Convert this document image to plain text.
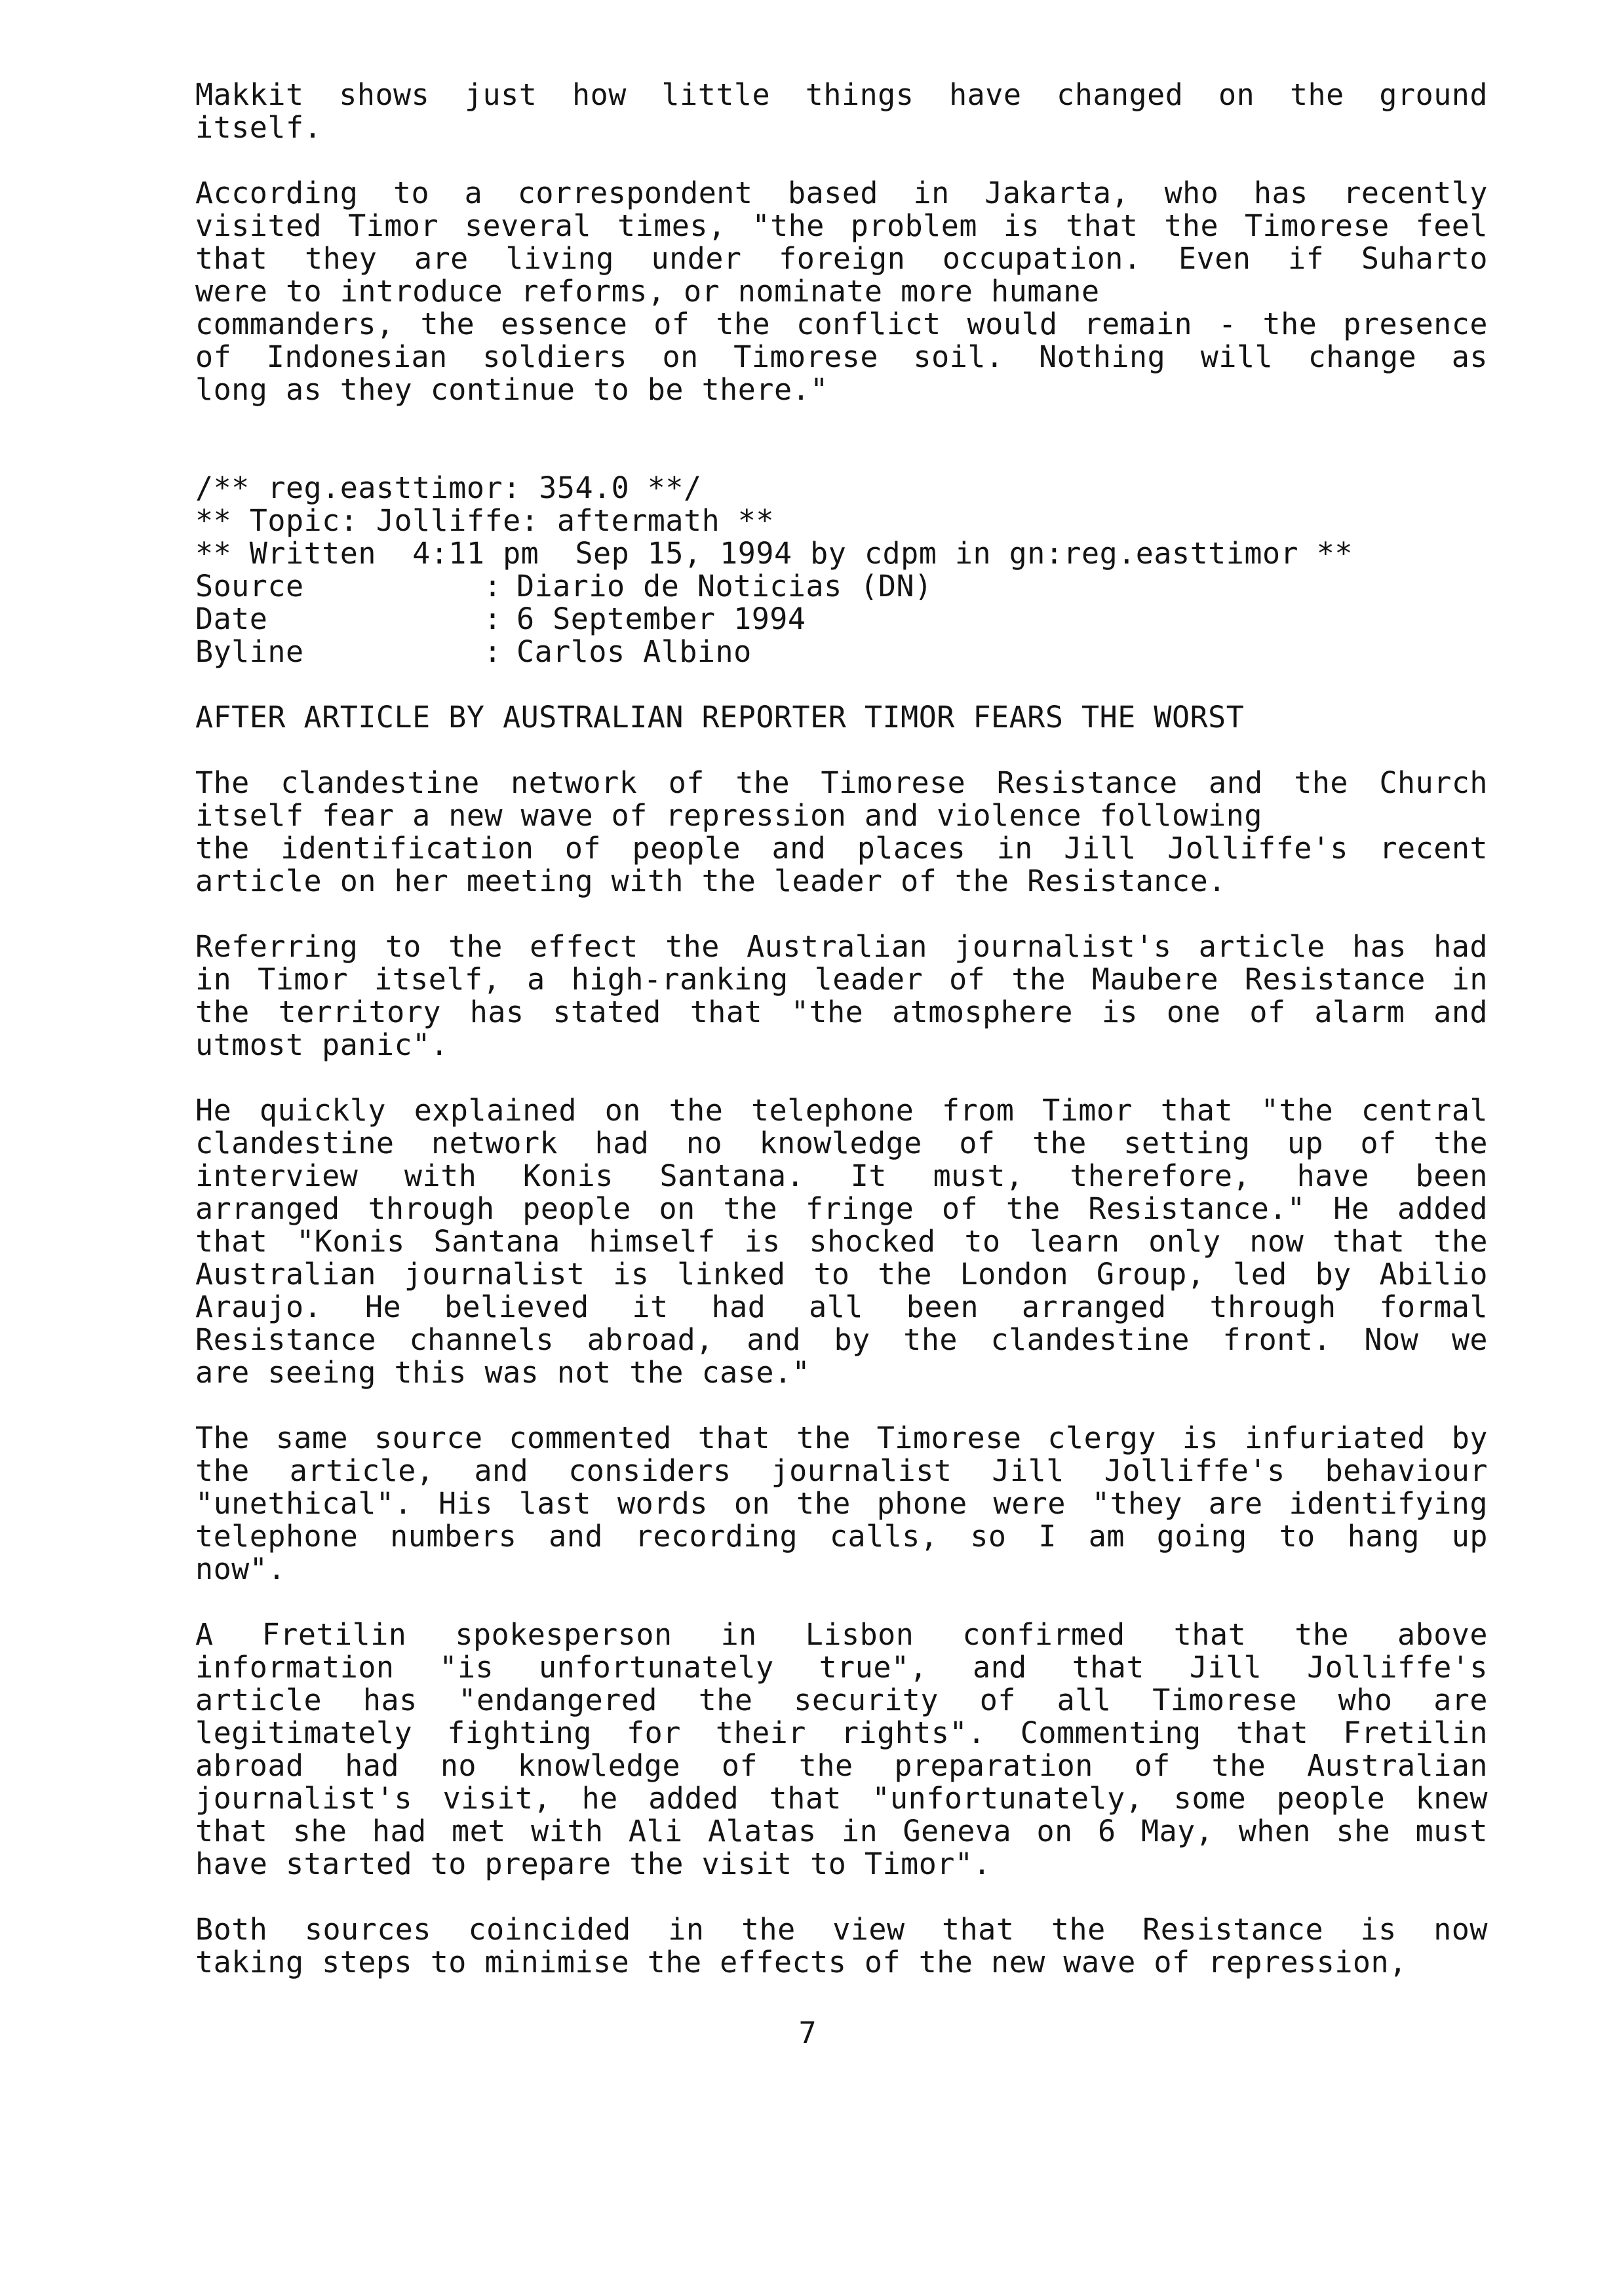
Makkit shows just how little things have changed on the ground
itself.
According to a correspondent based in Jakarta, who has recently
visited Timor several times, "the problem is that the Timorese feel
that they are living under foreign occupation. Even if Suharto
were to introduce reforms, or nominate more humane
commanders, the essence of the conflict would remain - the presence
of Indonesian soldiers on Timorese soil. Nothing will change as
long as they continue to be there."
/** reg.easttimor: 354.0 **/
** Topic: Jolliffe: aftermath **
** Written  4:11 pm  Sep 15, 1994 by cdpm in gn:reg.easttimor **
Source	: Diario de Noticias (DN)
Date	: 6 September 1994
Byline	: Carlos Albino
AFTER ARTICLE BY AUSTRALIAN REPORTER TIMOR FEARS THE WORST
The clandestine network of the Timorese Resistance and the Church
itself fear a new wave of repression and violence following
the identification of people and places in Jill Jolliffe's recent
article on her meeting with the leader of the Resistance.
Referring to the effect the Australian journalist's article has had
in Timor itself, a high-ranking leader of the Maubere Resistance in
the territory has stated that "the atmosphere is one of alarm and
utmost panic".
He quickly explained on the telephone from Timor that "the central
clandestine network had no knowledge of the setting up of the
interview with Konis Santana. It must, therefore, have been
arranged through people on the fringe of the Resistance." He added
that "Konis Santana himself is shocked to learn only now that the
Australian journalist is linked to the London Group, led by Abilio
Araujo. He believed it had all been arranged through formal
Resistance channels abroad, and by the clandestine front. Now we
are seeing this was not the case."
The same source commented that the Timorese clergy is infuriated by
the article, and considers journalist Jill Jolliffe's behaviour
"unethical". His last words on the phone were "they are identifying
telephone numbers and recording calls, so I am going to hang up
now".
A Fretilin spokesperson in Lisbon confirmed that the above
information "is unfortunately true", and that Jill Jolliffe's
article has "endangered the security of all Timorese who are
legitimately fighting for their rights". Commenting that Fretilin
abroad had no knowledge of the preparation of the Australian
journalist's visit, he added that "unfortunately, some people knew
that she had met with Ali Alatas in Geneva on 6 May, when she must
have started to prepare the visit to Timor".
Both sources coincided in the view that the Resistance is now
taking steps to minimise the effects of the new wave of repression,
7
